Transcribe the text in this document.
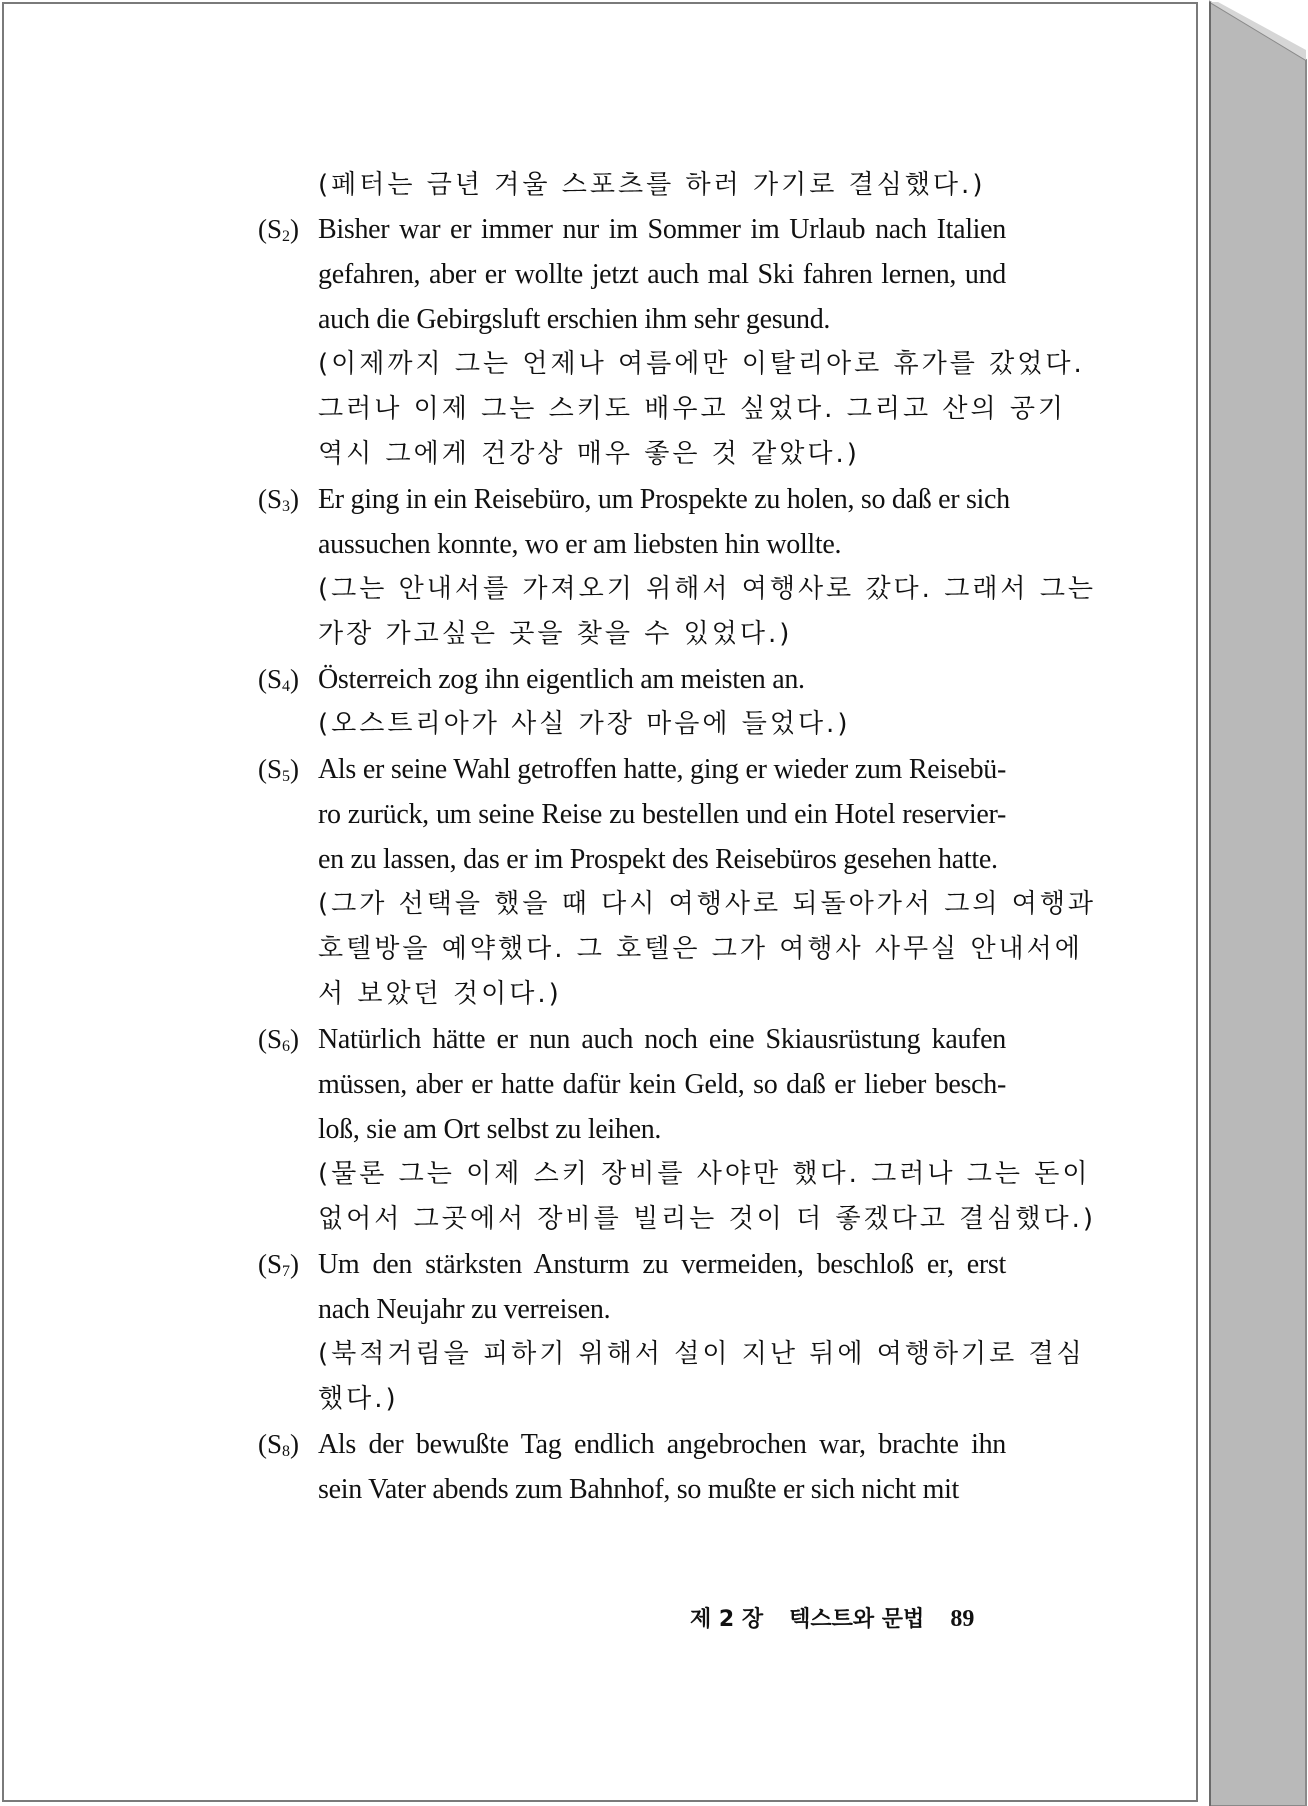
(페터는 금년 겨울 스포츠를 하러 가기로 결심했다.)
$(S_2)$ Bisher war er immer nur im Sommer im Urlaub nach Italien
gefahren, aber er wollte jetzt auch mal Ski fahren lernen, und
auch die Gebirgsluft erschien ihm sehr gesund.
(이제까지 그는 언제나 여름에만 이탈리아로 휴가를 갔었다.
그러나 이제 그는 스키도 배우고 싶었다. 그리고 산의 공기
역시 그에게 건강상 매우 좋은 것 같았다.)
$(S_3)$ Er ging in ein Reisebüro, um Prospekte zu holen, so daß er sich
aussuchen konnte, wo er am liebsten hin wollte.
(그는 안내서를 가져오기 위해서 여행사로 갔다. 그래서 그는
가장 가고싶은 곳을 찾을 수 있었다.)
$(S_4)$ Österreich zog ihn eigentlich am meisten an.
(오스트리아가 사실 가장 마음에 들었다.)
$(S_5)$ Als er seine Wahl getroffen hatte, ging er wieder zum Reisebü-
ro zurück, um seine Reise zu bestellen und ein Hotel reservier-
en zu lassen, das er im Prospekt des Reisebüros gesehen hatte.
(그가 선택을 했을 때 다시 여행사로 되돌아가서 그의 여행과
호텔방을 예약했다. 그 호텔은 그가 여행사 사무실 안내서에
서 보았던 것이다.)
$(S_6)$ Natürlich hätte er nun auch noch eine Skiausrüstung kaufen
müssen, aber er hatte dafür kein Geld, so daß er lieber besch-
loß, sie am Ort selbst zu leihen.
(물론 그는 이제 스키 장비를 사야만 했다. 그러나 그는 돈이
없어서 그곳에서 장비를 빌리는 것이 더 좋겠다고 결심했다.)
$(S_7)$ Um den stärksten Ansturm zu vermeiden, beschloß er, erst
nach Neujahr zu verreisen.
(북적거림을 피하기 위해서 설이 지난 뒤에 여행하기로 결심
했다.)
$(S_8)$ Als der bewußte Tag endlich angebrochen war, brachte ihn
sein Vater abends zum Bahnhof, so mußte er sich nicht mit
제 2 장 텍스트와 문법 89
